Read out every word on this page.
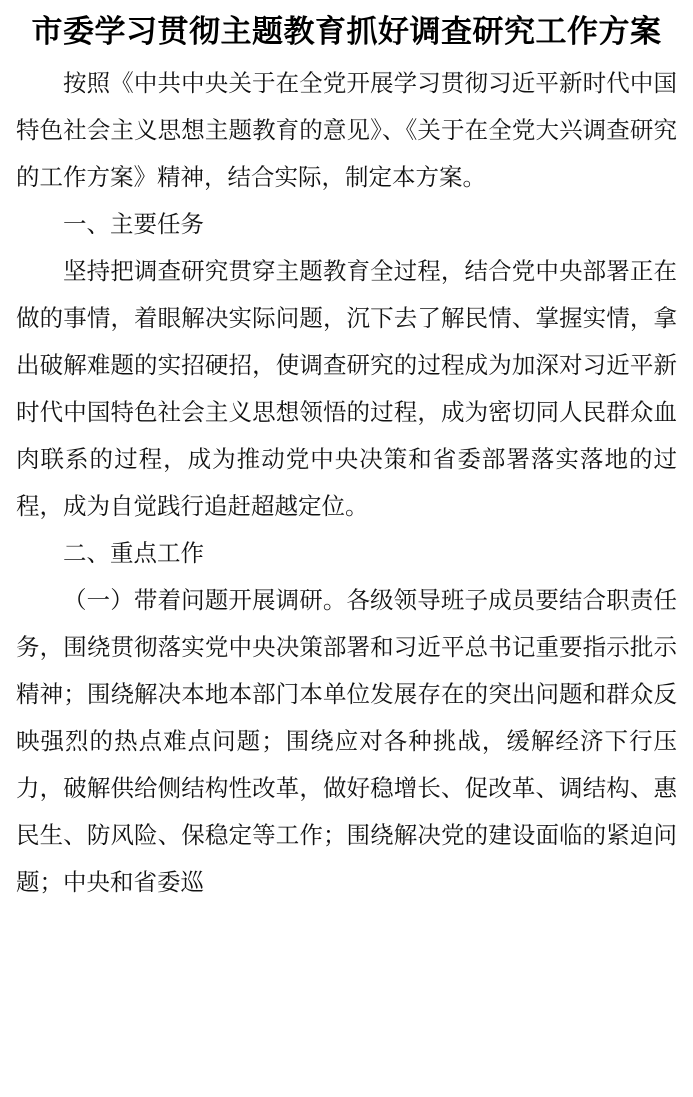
市委学习贯彻主题教育抓好调查研究工作方案

按照《中共中央关于在全党开展学习贯彻习近平新时代中国特色社会主义思想主题教育的意见》、《关于在全党大兴调查研究的工作方案》精神，结合实际，制定本方案。

一、主要任务

坚持把调查研究贯穿主题教育全过程，结合党中央部署正在做的事情，着眼解决实际问题，沉下去了解民情、掌握实情，拿出破解难题的实招硬招，使调查研究的过程成为加深对习近平新时代中国特色社会主义思想领悟的过程，成为密切同人民群众血肉联系的过程，成为推动党中央决策和省委部署落实落地的过程，成为自觉践行追赶超越定位。

二、重点工作

（一）带着问题开展调研。各级领导班子成员要结合职责任务，围绕贯彻落实党中央决策部署和习近平总书记重要指示批示精神；围绕解决本地本部门本单位发展存在的突出问题和群众反映强烈的热点难点问题；围绕应对各种挑战，缓解经济下行压力，破解供给侧结构性改革，做好稳增长、促改革、调结构、惠民生、防风险、保稳定等工作；围绕解决党的建设面临的紧迫问题；中央和省委巡
